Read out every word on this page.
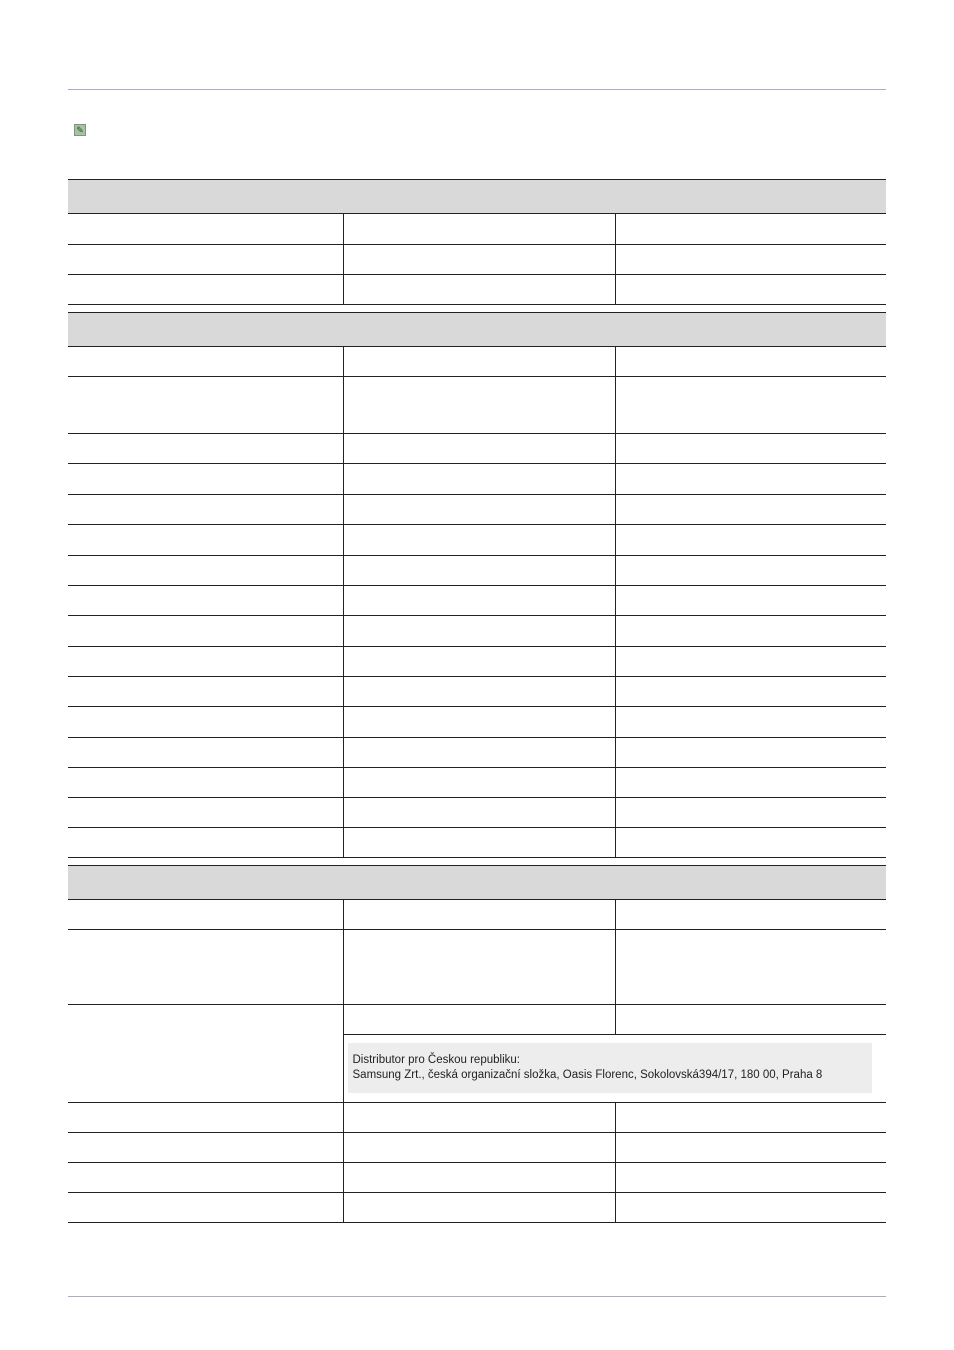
✎

	Distributor pro Českou republiku:
Samsung Zrt., česká organizační složka, Oasis Florenc, Sokolovská394/17, 180 00, Praha 8	
